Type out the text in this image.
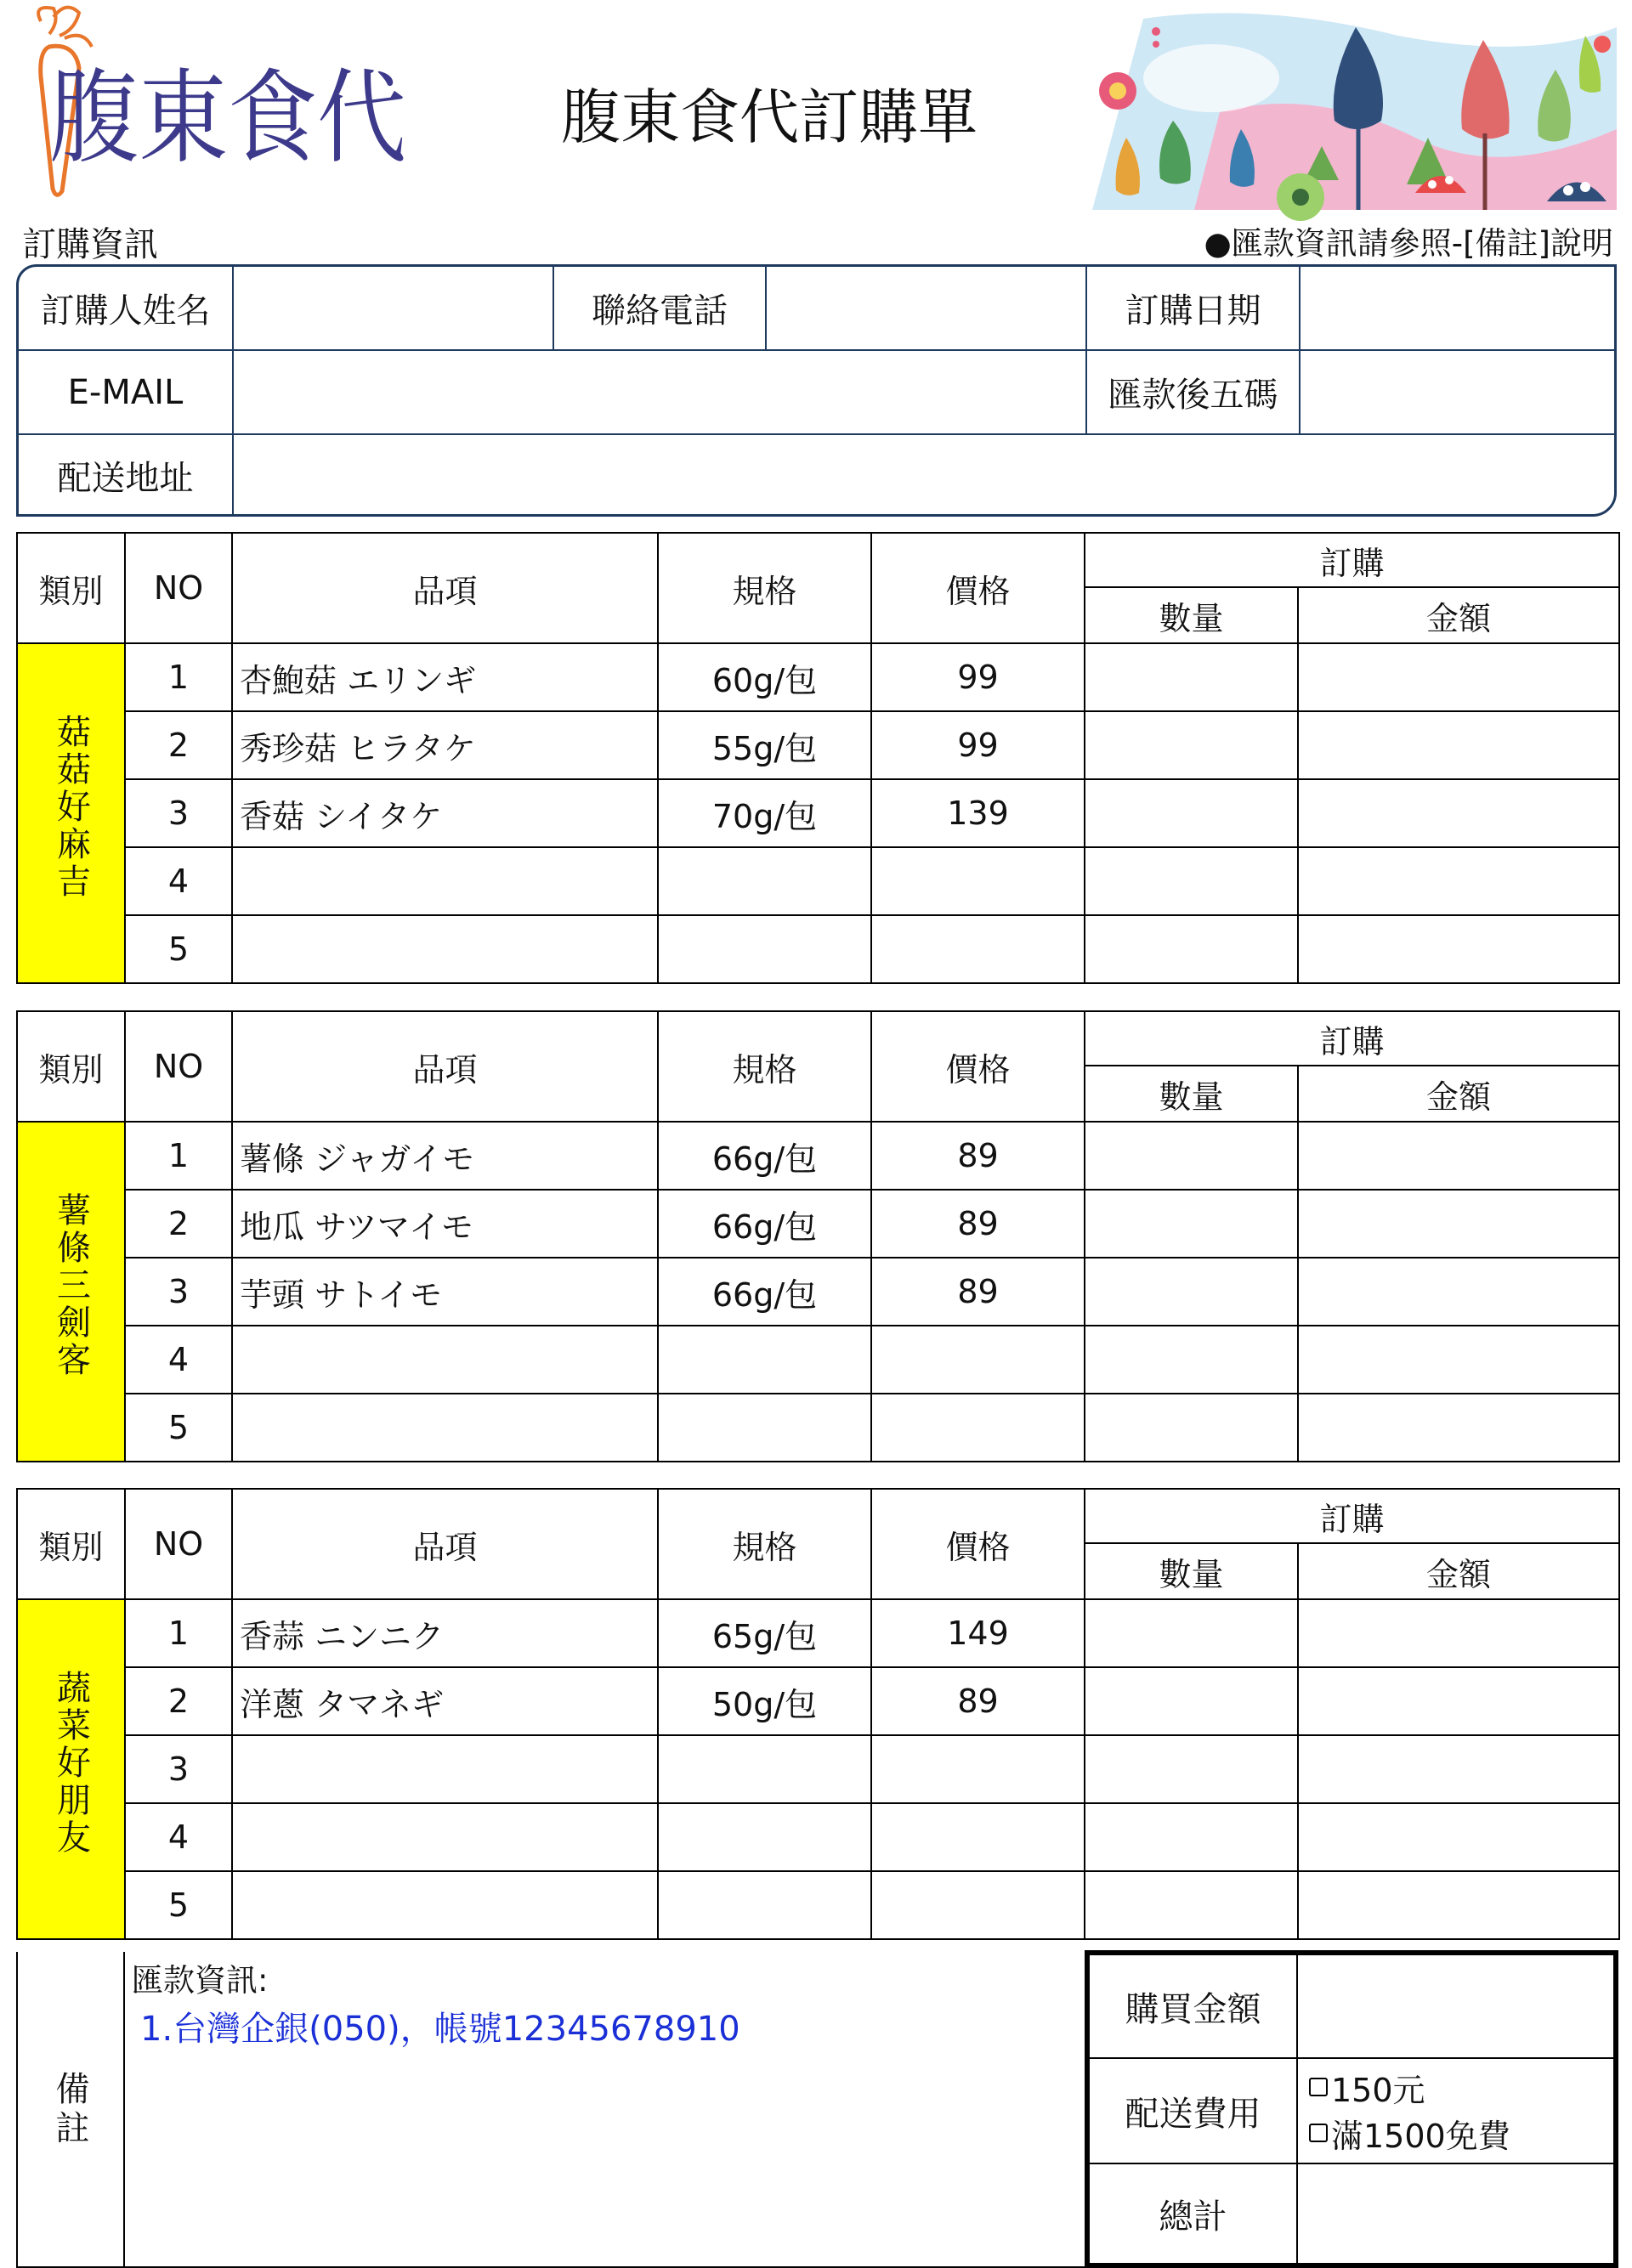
腹東食代	腹東食代訂購單
訂購資訊	●匯款資訊請參照-[備註]說明
訂購人姓名	聯絡電話	訂購日期
E-MAIL	匯款後五碼
配送地址
類別	NO	品項	規格	價格	訂購	
					數量	金額
菇菇好麻吉	1	杏鮑菇 エリンギ	60g/包	99		
	2	秀珍菇 ヒラタケ	55g/包	99		
	3	香菇 シイタケ	70g/包	139		
	4					
	5					
類別	NO	品項	規格	價格	訂購	
					數量	金額
薯條三劍客	1	薯條 ジャガイモ	66g/包	89		
	2	地瓜 サツマイモ	66g/包	89		
	3	芋頭 サトイモ	66g/包	89		
	4					
	5					
類別	NO	品項	規格	價格	訂購	
					數量	金額
蔬菜好朋友	1	香蒜 ニンニク	65g/包	149		
	2	洋蔥 タマネギ	50g/包	89		
	3					
	4					
	5					
備註
匯款資訊:
1.台灣企銀(050)，帳號12345678910
購買金額
配送費用
150元
滿1500免費
總計
